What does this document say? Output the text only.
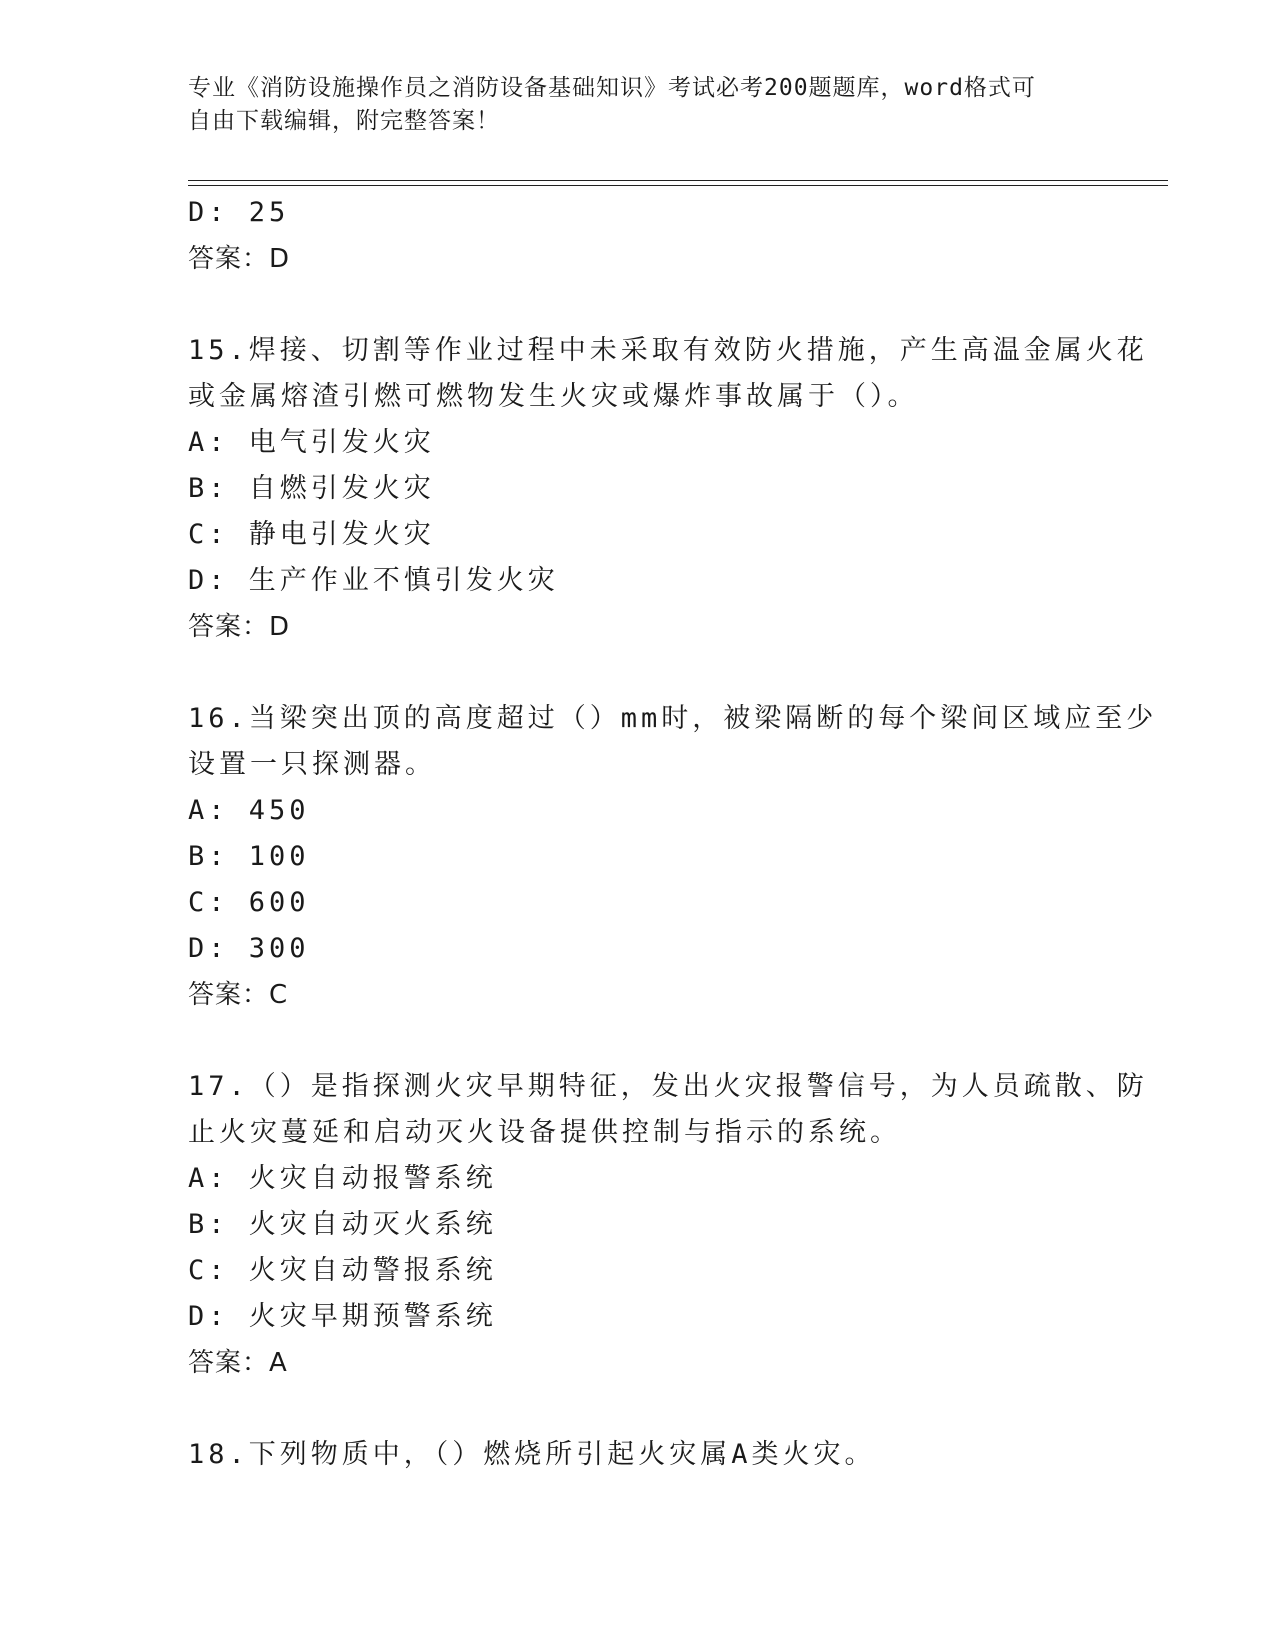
专业《消防设施操作员之消防设备基础知识》考试必考200题题库，word格式可
自由下载编辑，附完整答案！
D: 25
答案：D
15.焊接、切割等作业过程中未采取有效防火措施，产生高温金属火花
或金属熔渣引燃可燃物发生火灾或爆炸事故属于（）。
A: 电气引发火灾
B: 自燃引发火灾
C: 静电引发火灾
D: 生产作业不慎引发火灾
答案：D
16.当梁突出顶的高度超过（）mm时，被梁隔断的每个梁间区域应至少
设置一只探测器。
A: 450
B: 100
C: 600
D: 300
答案：C
17.（）是指探测火灾早期特征，发出火灾报警信号，为人员疏散、防
止火灾蔓延和启动灭火设备提供控制与指示的系统。
A: 火灾自动报警系统
B: 火灾自动灭火系统
C: 火灾自动警报系统
D: 火灾早期预警系统
答案：A
18.下列物质中，（）燃烧所引起火灾属A类火灾。
